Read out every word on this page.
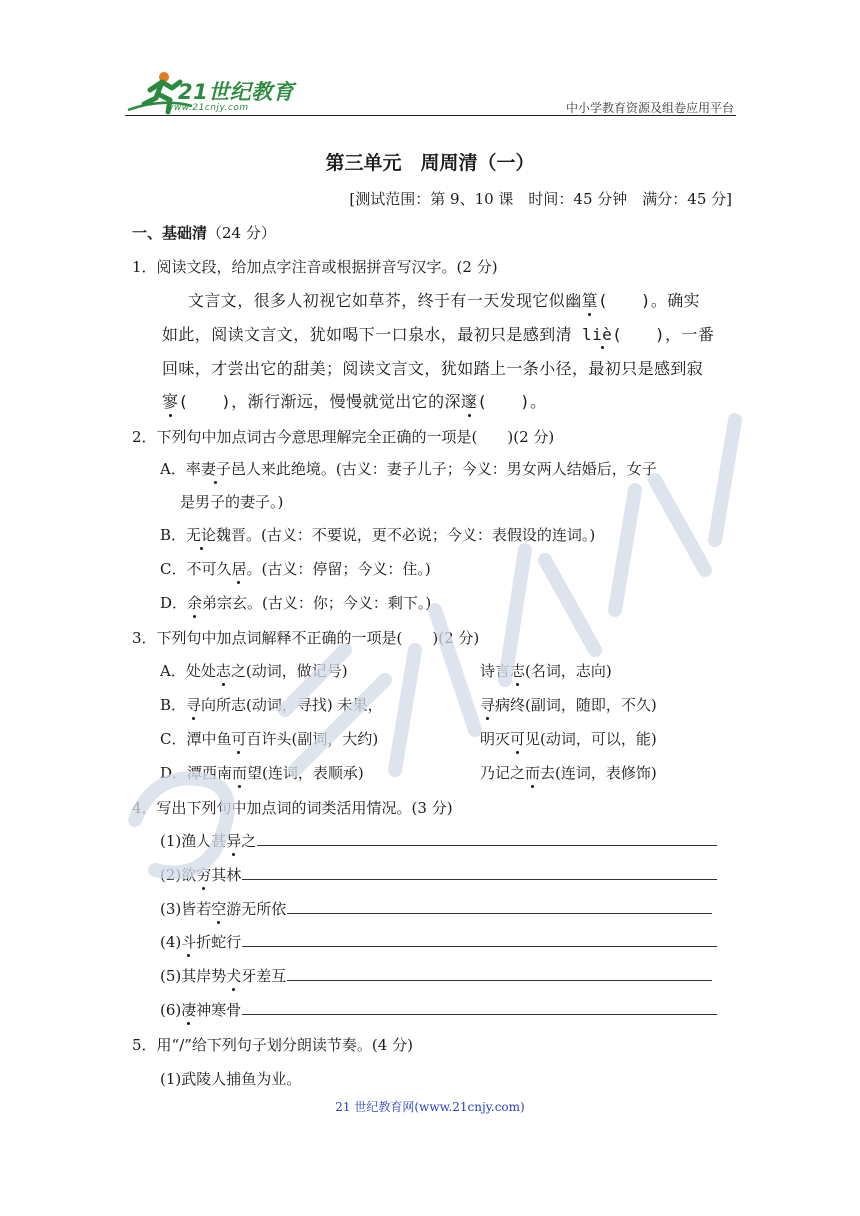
21世纪教育
www.21cnjy.com	中小学教育资源及组卷应用平台
第三单元　周周清（一）
[测试范围：第 9、10 课　时间：45 分钟　满分：45 分]
一、基础清（24 分）
1．阅读文段，给加点字注音或根据拼音写汉字。(2 分)
文言文，很多人初视它如草芥，终于有一天发现它似幽篁(　　)。确实
如此，阅读文言文，犹如喝下一口泉水，最初只是感到清 liè(　　)，一番
回味，才尝出它的甜美；阅读文言文，犹如踏上一条小径，最初只是感到寂
寥(　　)，渐行渐远，慢慢就觉出它的深邃(　　)。
2．下列句中加点词古今意思理解完全正确的一项是(　　)(2 分)
A．率妻子邑人来此绝境。(古义：妻子儿子；今义：男女两人结婚后，女子
是男子的妻子。)
B．无论魏晋。(古义：不要说，更不必说；今义：表假设的连词。)
C．不可久居。(古义：停留；今义：住。)
D．余弟宗玄。(古义：你；今义：剩下。)
3．下列句中加点词解释不正确的一项是(　　)(2 分)
A．处处志之(动词，做记号)	诗言志(名词，志向)
B．寻向所志(动词，寻找) 未果，	寻病终(副词，随即，不久)
C．潭中鱼可百许头(副词，大约)	明灭可见(动词，可以，能)
D．潭西南而望(连词，表顺承)	乃记之而去(连词，表修饰)
4．写出下列句中加点词的词类活用情况。(3 分)
(1)渔人甚异之
(2)欲穷其林
(3)皆若空游无所依
(4)斗折蛇行
(5)其岸势犬牙差互
(6)凄神寒骨
5．用“/”给下列句子划分朗读节奏。(4 分)
(1)武陵人捕鱼为业。
21 世纪教育网(www.21cnjy.com)
